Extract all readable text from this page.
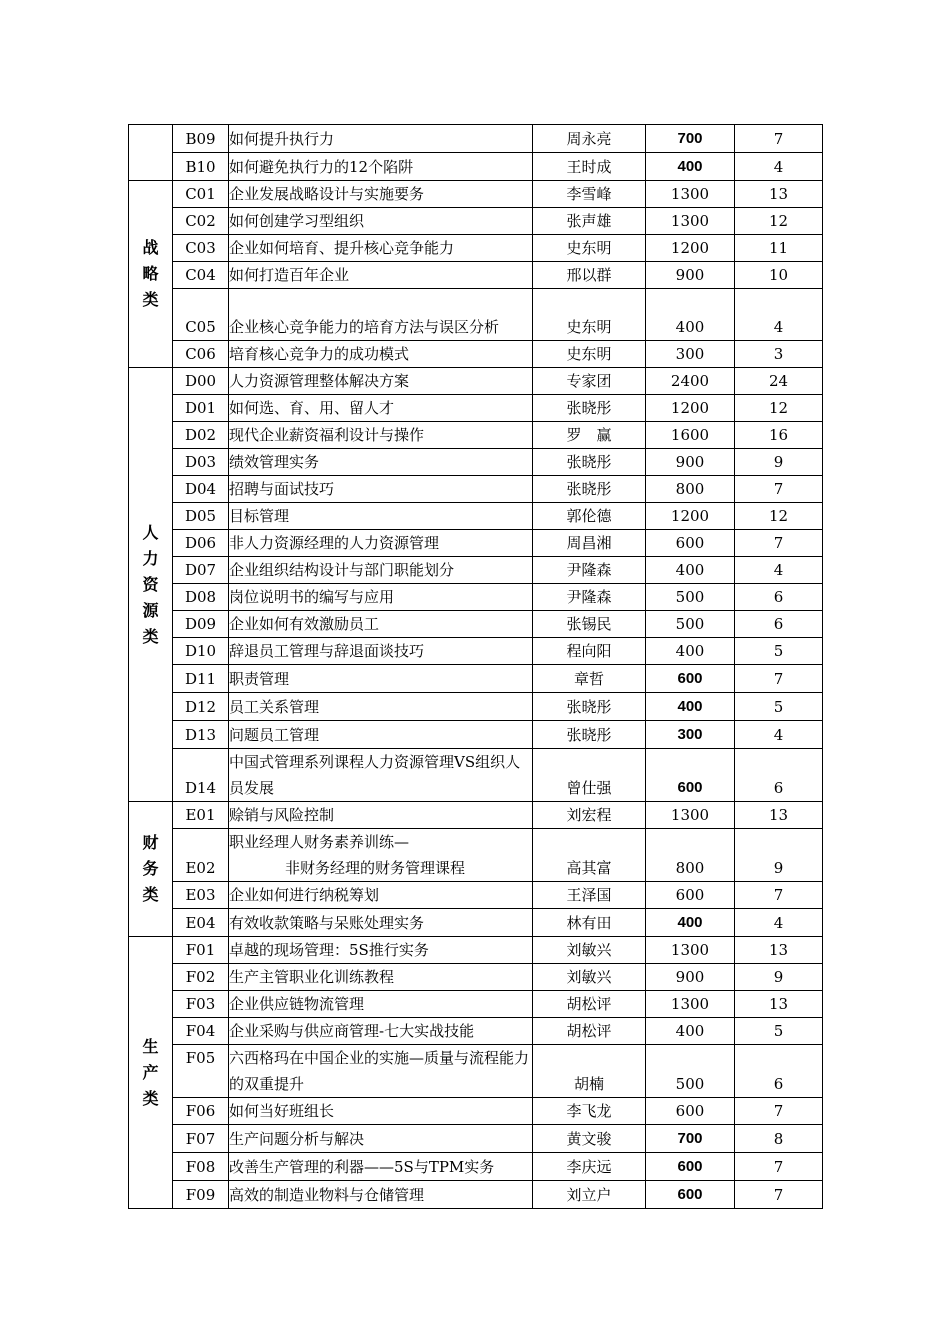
	B09	如何提升执行力	周永亮	700	7
	B10	如何避免执行力的12个陷阱	王时成	400	4

战
略
类	C01	企业发展战略设计与实施要务	李雪峰	1300	13
	C02	如何创建学习型组织	张声雄	1300	12
	C03	企业如何培育、提升核心竞争能力	史东明	1200	11
	C04	如何打造百年企业	邢以群	900	10
	C05	企业核心竞争能力的培育方法与误区分析	史东明	400	4
	C06	培育核心竞争力的成功模式	史东明	300	3

人
力
资
源
类	D00	人力资源管理整体解决方案	专家团	2400	24
	D01	如何选、育、用、留人才	张晓彤	1200	12
	D02	现代企业薪资福利设计与操作	罗　赢	1600	16
	D03	绩效管理实务	张晓彤	900	9
	D04	招聘与面试技巧	张晓彤	800	7
	D05	目标管理	郭伦德	1200	12
	D06	非人力资源经理的人力资源管理	周昌湘	600	7
	D07	企业组织结构设计与部门职能划分	尹隆森	400	4
	D08	岗位说明书的编写与应用	尹隆森	500	6
	D09	企业如何有效激励员工	张锡民	500	6
	D10	辞退员工管理与辞退面谈技巧	程向阳	400	5
	D11	职责管理	章哲	600	7
	D12	员工关系管理	张晓彤	400	5
	D13	问题员工管理	张晓彤	300	4
	D14	中国式管理系列课程人力资源管理VS组织人员发展	曾仕强	600	6

财
务
类	E01	赊销与风险控制	刘宏程	1300	13
	E02	职业经理人财务素养训练—
非财务经理的财务管理课程	高其富	800	9
	E03	企业如何进行纳税筹划	王泽国	600	7
	E04	有效收款策略与呆账处理实务	林有田	400	4

生
产
类	F01	卓越的现场管理：5S推行实务	刘敏兴	1300	13
	F02	生产主管职业化训练教程	刘敏兴	900	9
	F03	企业供应链物流管理	胡松评	1300	13
	F04	企业采购与供应商管理-七大实战技能	胡松评	400	5
	F05	六西格玛在中国企业的实施—质量与流程能力的双重提升	胡楠	500	6
	F06	如何当好班组长	李飞龙	600	7
	F07	生产问题分析与解决	黄文骏	700	8
	F08	改善生产管理的利器——5S与TPM实务	李庆远	600	7
	F09	高效的制造业物料与仓储管理	刘立户	600	7
